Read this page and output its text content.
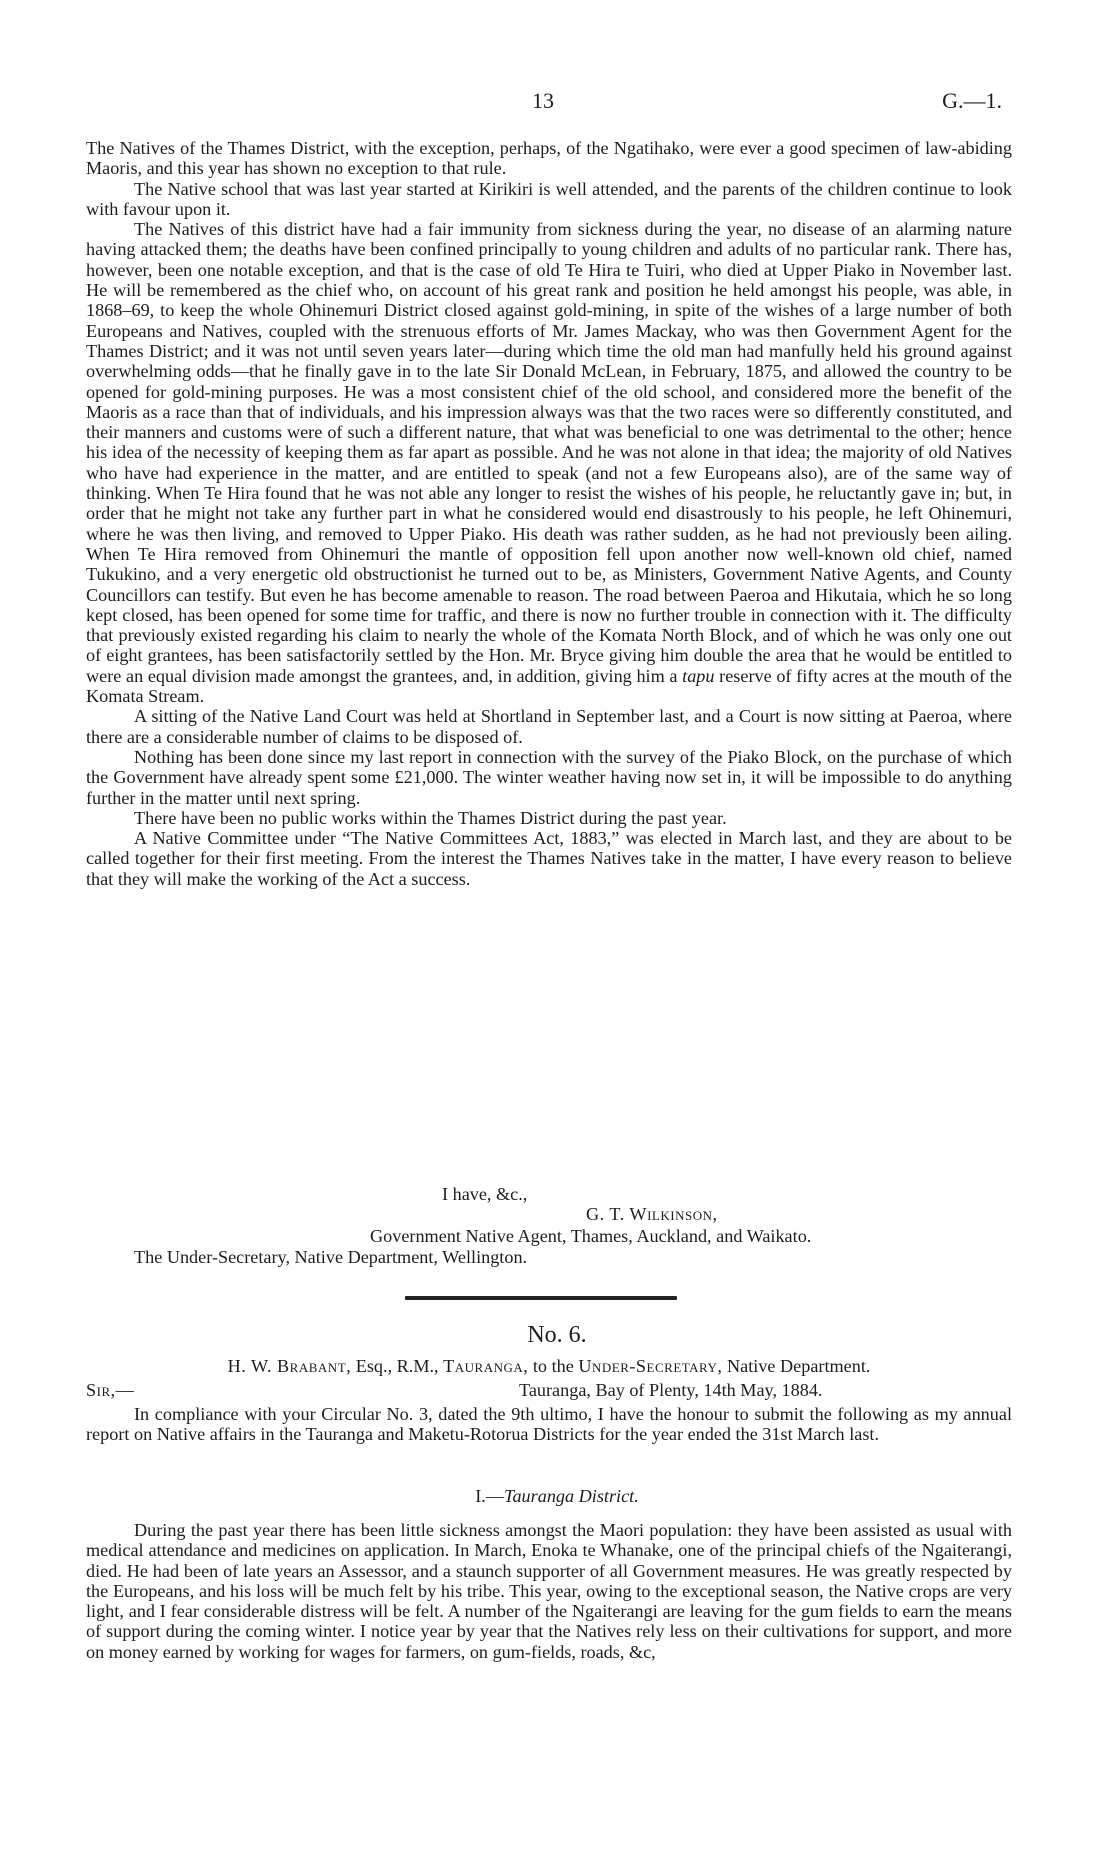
13	G.—1.

The Natives of the Thames District, with the exception, perhaps, of the Ngatihako, were ever a good specimen of law-abiding Maoris, and this year has shown no exception to that rule.

The Native school that was last year started at Kirikiri is well attended, and the parents of the children continue to look with favour upon it.

The Natives of this district have had a fair immunity from sickness during the year, no disease of an alarming nature having attacked them; the deaths have been confined principally to young children and adults of no particular rank. There has, however, been one notable exception, and that is the case of old Te Hira te Tuiri, who died at Upper Piako in November last. He will be remembered as the chief who, on account of his great rank and position he held amongst his people, was able, in 1868–69, to keep the whole Ohinemuri District closed against gold-mining, in spite of the wishes of a large number of both Europeans and Natives, coupled with the strenuous efforts of Mr. James Mackay, who was then Government Agent for the Thames District; and it was not until seven years later—during which time the old man had manfully held his ground against overwhelming odds—that he finally gave in to the late Sir Donald McLean, in February, 1875, and allowed the country to be opened for gold-mining purposes. He was a most consistent chief of the old school, and considered more the benefit of the Maoris as a race than that of individuals, and his impression always was that the two races were so differently constituted, and their manners and customs were of such a different nature, that what was beneficial to one was detrimental to the other; hence his idea of the necessity of keeping them as far apart as possible. And he was not alone in that idea; the majority of old Natives who have had experience in the matter, and are entitled to speak (and not a few Europeans also), are of the same way of thinking. When Te Hira found that he was not able any longer to resist the wishes of his people, he reluctantly gave in; but, in order that he might not take any further part in what he considered would end disastrously to his people, he left Ohinemuri, where he was then living, and removed to Upper Piako. His death was rather sudden, as he had not previously been ailing. When Te Hira removed from Ohinemuri the mantle of opposition fell upon another now well-known old chief, named Tukukino, and a very energetic old obstructionist he turned out to be, as Ministers, Government Native Agents, and County Councillors can testify. But even he has become amenable to reason. The road between Paeroa and Hikutaia, which he so long kept closed, has been opened for some time for traffic, and there is now no further trouble in connection with it. The difficulty that previously existed regarding his claim to nearly the whole of the Komata North Block, and of which he was only one out of eight grantees, has been satisfactorily settled by the Hon. Mr. Bryce giving him double the area that he would be entitled to were an equal division made amongst the grantees, and, in addition, giving him a tapu reserve of fifty acres at the mouth of the Komata Stream.

A sitting of the Native Land Court was held at Shortland in September last, and a Court is now sitting at Paeroa, where there are a considerable number of claims to be disposed of.

Nothing has been done since my last report in connection with the survey of the Piako Block, on the purchase of which the Government have already spent some £21,000. The winter weather having now set in, it will be impossible to do anything further in the matter until next spring.

There have been no public works within the Thames District during the past year.

A Native Committee under “The Native Committees Act, 1883,” was elected in March last, and they are about to be called together for their first meeting. From the interest the Thames Natives take in the matter, I have every reason to believe that they will make the working of the Act a success.

I have, &c.,
G. T. Wilkinson,
Government Native Agent, Thames, Auckland, and Waikato.
The Under-Secretary, Native Department, Wellington.
No. 6.
H. W. Brabant, Esq., R.M., Tauranga, to the Under-Secretary, Native Department.
Sir,—	Tauranga, Bay of Plenty, 14th May, 1884.

In compliance with your Circular No. 3, dated the 9th ultimo, I have the honour to submit the following as my annual report on Native affairs in the Tauranga and Maketu-Rotorua Districts for the year ended the 31st March last.

I.—Tauranga District.

During the past year there has been little sickness amongst the Maori population: they have been assisted as usual with medical attendance and medicines on application. In March, Enoka te Whanake, one of the principal chiefs of the Ngaiterangi, died. He had been of late years an Assessor, and a staunch supporter of all Government measures. He was greatly respected by the Europeans, and his loss will be much felt by his tribe. This year, owing to the exceptional season, the Native crops are very light, and I fear considerable distress will be felt. A number of the Ngaiterangi are leaving for the gum fields to earn the means of support during the coming winter. I notice year by year that the Natives rely less on their cultivations for support, and more on money earned by working for wages for farmers, on gum-fields, roads, &c,
